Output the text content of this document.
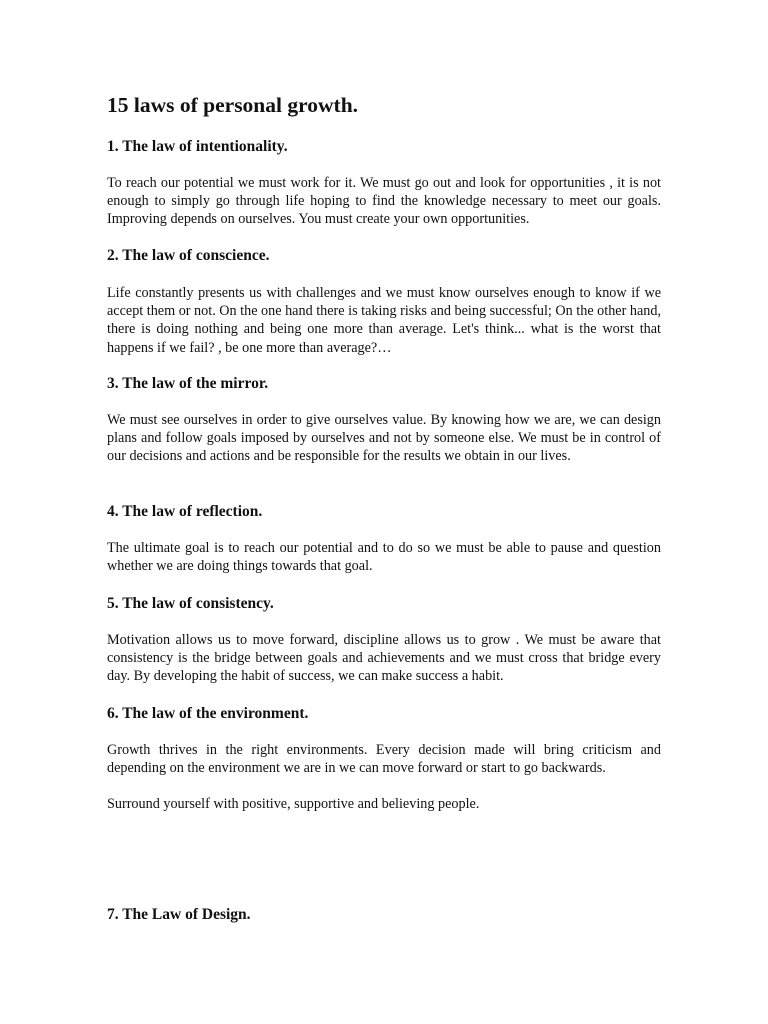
15 laws of personal growth.
1. The law of intentionality.

To reach our potential we must work for it. We must go out and look for opportunities , it is not enough to simply go through life hoping to find the knowledge necessary to meet our goals. Improving depends on ourselves. You must create your own opportunities.

2. The law of conscience.

Life constantly presents us with challenges and we must know ourselves enough to know if we accept them or not. On the one hand there is taking risks and being successful; On the other hand, there is doing nothing and being one more than average. Let's think... what is the worst that happens if we fail? , be one more than average?…

3. The law of the mirror.

We must see ourselves in order to give ourselves value. By knowing how we are, we can design plans and follow goals imposed by ourselves and not by someone else. We must be in control of our decisions and actions and be responsible for the results we obtain in our lives.

4. The law of reflection.

The ultimate goal is to reach our potential and to do so we must be able to pause and question whether we are doing things towards that goal.

5. The law of consistency.

Motivation allows us to move forward, discipline allows us to grow . We must be aware that consistency is the bridge between goals and achievements and we must cross that bridge every day. By developing the habit of success, we can make success a habit.

6. The law of the environment.

Growth thrives in the right environments. Every decision made will bring criticism and depending on the environment we are in we can move forward or start to go backwards.

Surround yourself with positive, supportive and believing people.

7. The Law of Design.
